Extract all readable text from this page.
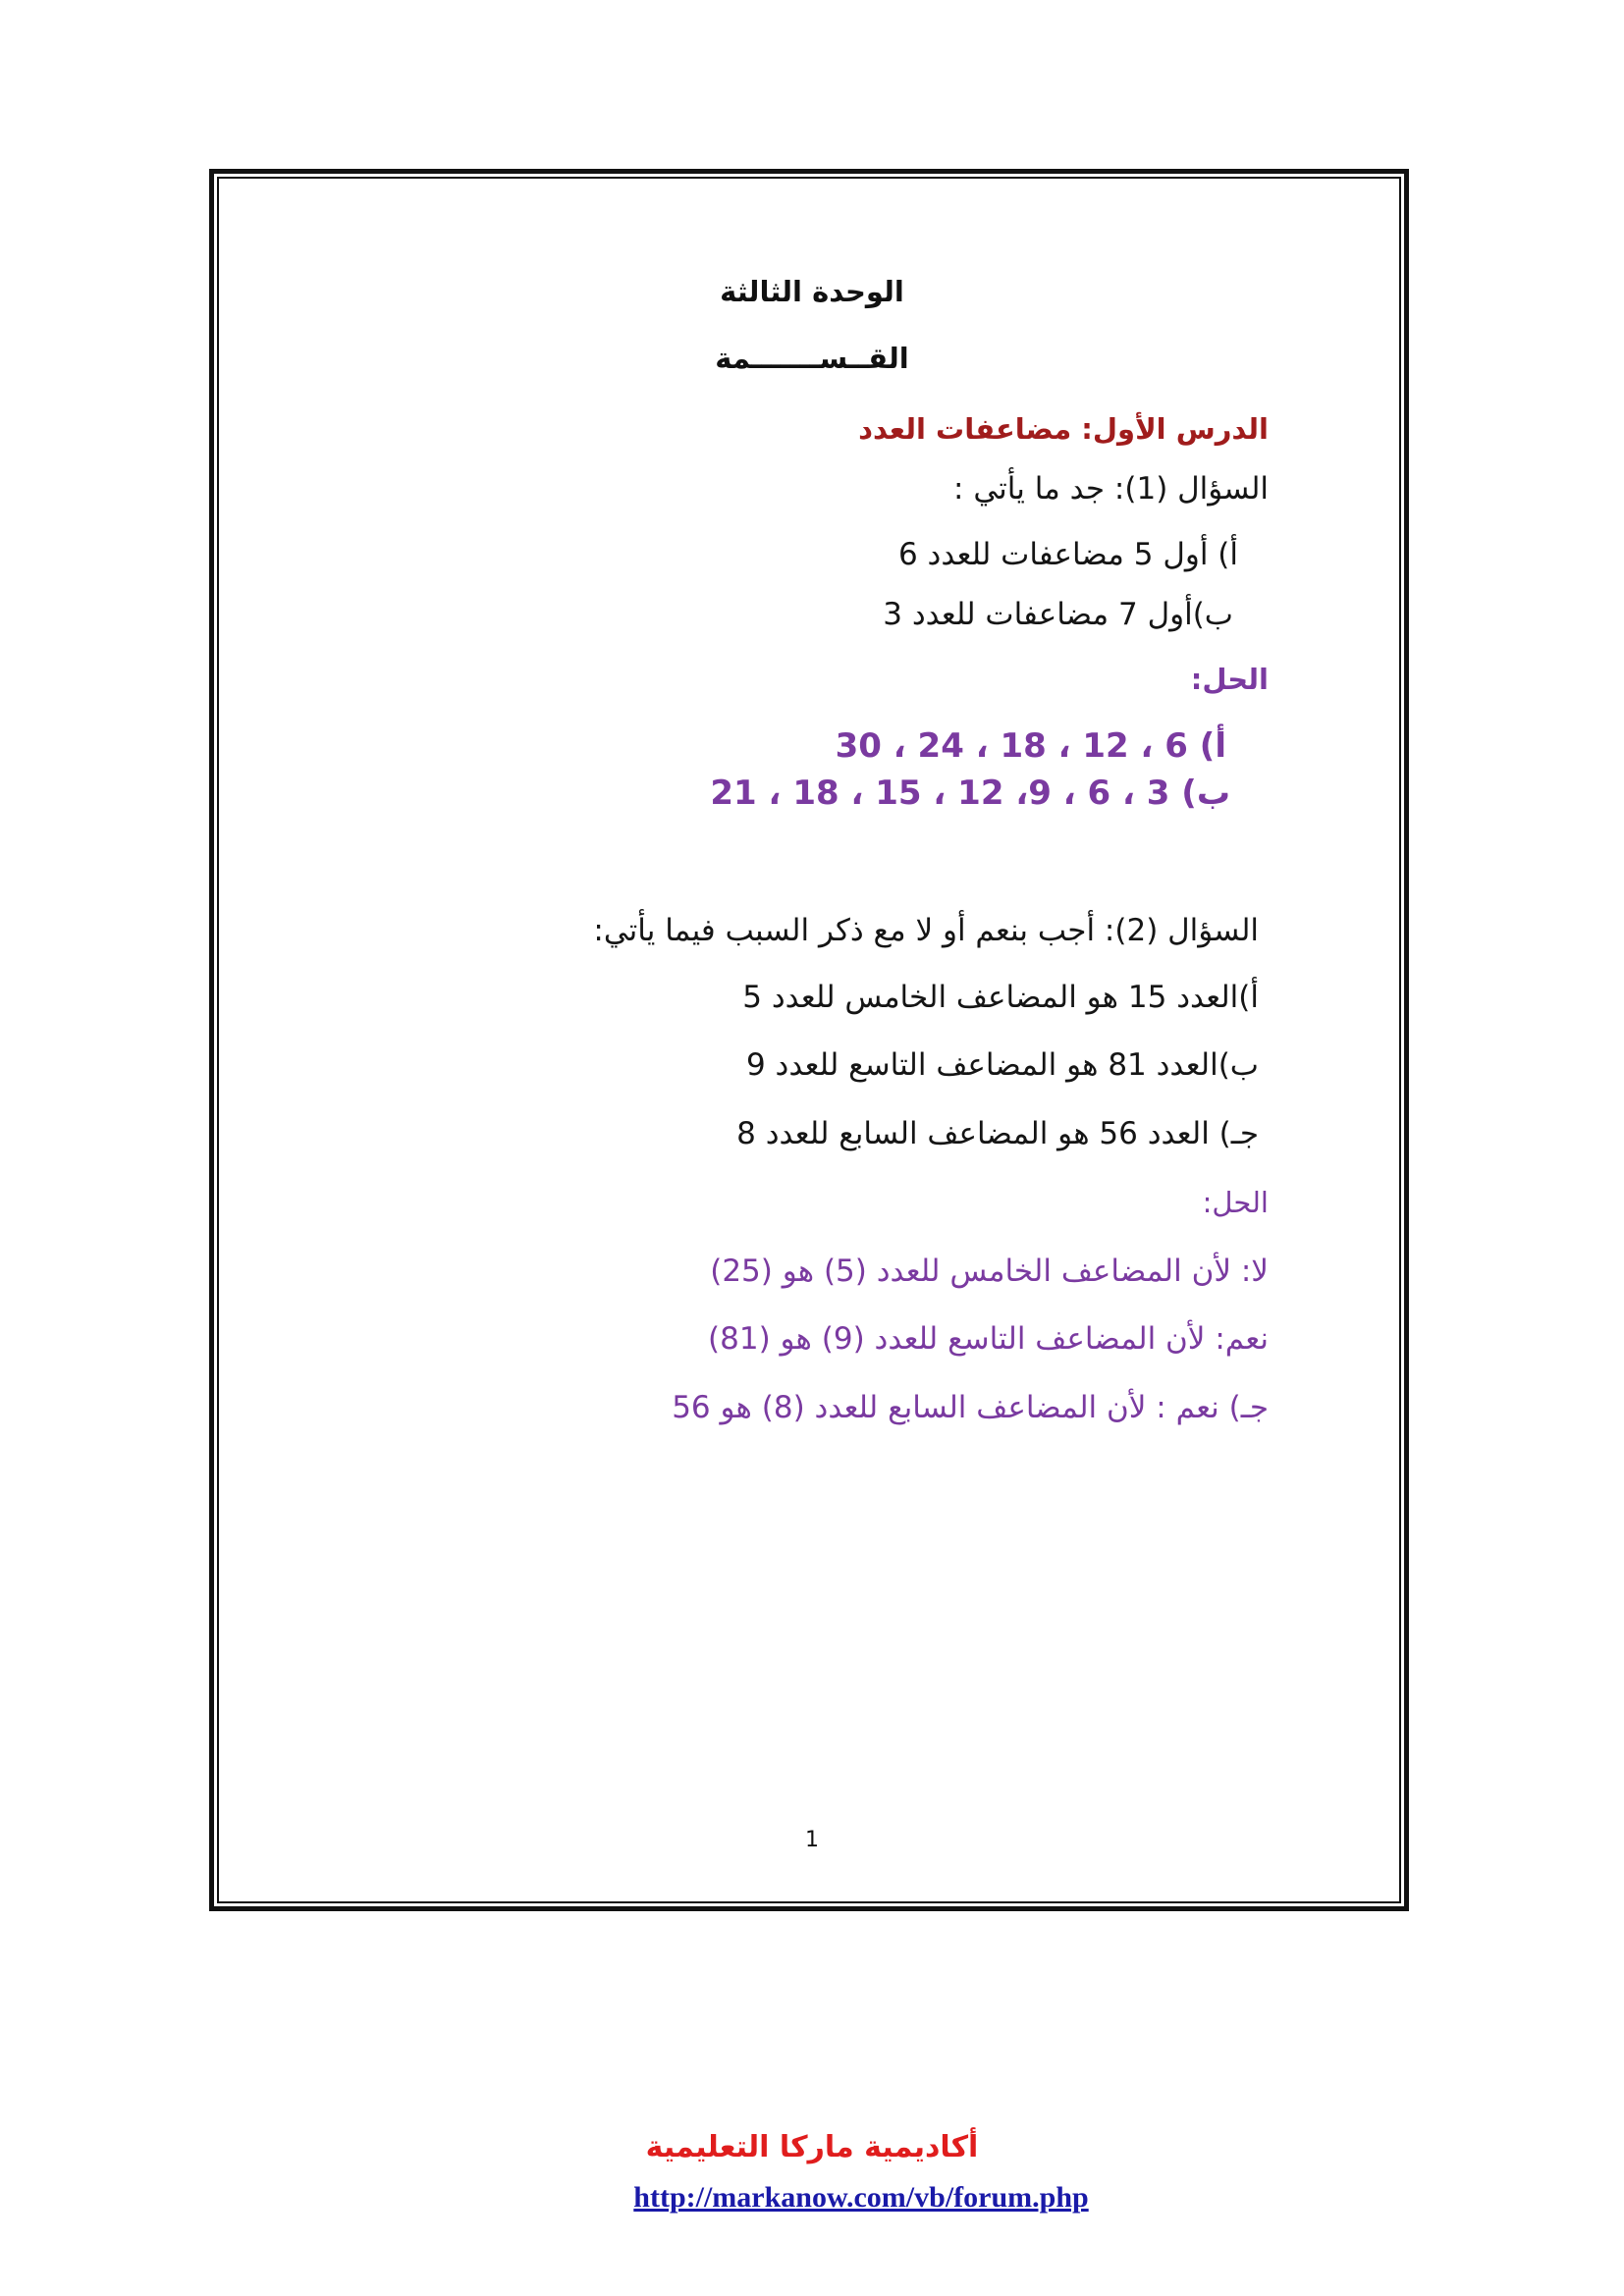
الوحدة الثالثة
القــســـــــمة
الدرس الأول: مضاعفات العدد
السؤال (1): جد ما يأتي :
أ) أول 5 مضاعفات للعدد 6
ب)أول 7 مضاعفات للعدد 3
الحل:
أ) 6 ، 12 ، 18 ، 24 ، 30
ب) 3 ، 6 ، 9، 12 ، 15 ، 18 ، 21
السؤال (2): أجب بنعم أو لا مع ذكر السبب فيما يأتي:
أ)العدد 15 هو المضاعف الخامس للعدد 5
ب)العدد 81 هو المضاعف التاسع للعدد 9
جـ) العدد 56 هو المضاعف السابع للعدد 8
الحل:
لا: لأن المضاعف الخامس للعدد (5) هو (25)
نعم: لأن المضاعف التاسع للعدد (9) هو (81)
جـ) نعم : لأن المضاعف السابع للعدد (8) هو 56
1
أكاديمية ماركا التعليمية
http://markanow.com/vb/forum.php
